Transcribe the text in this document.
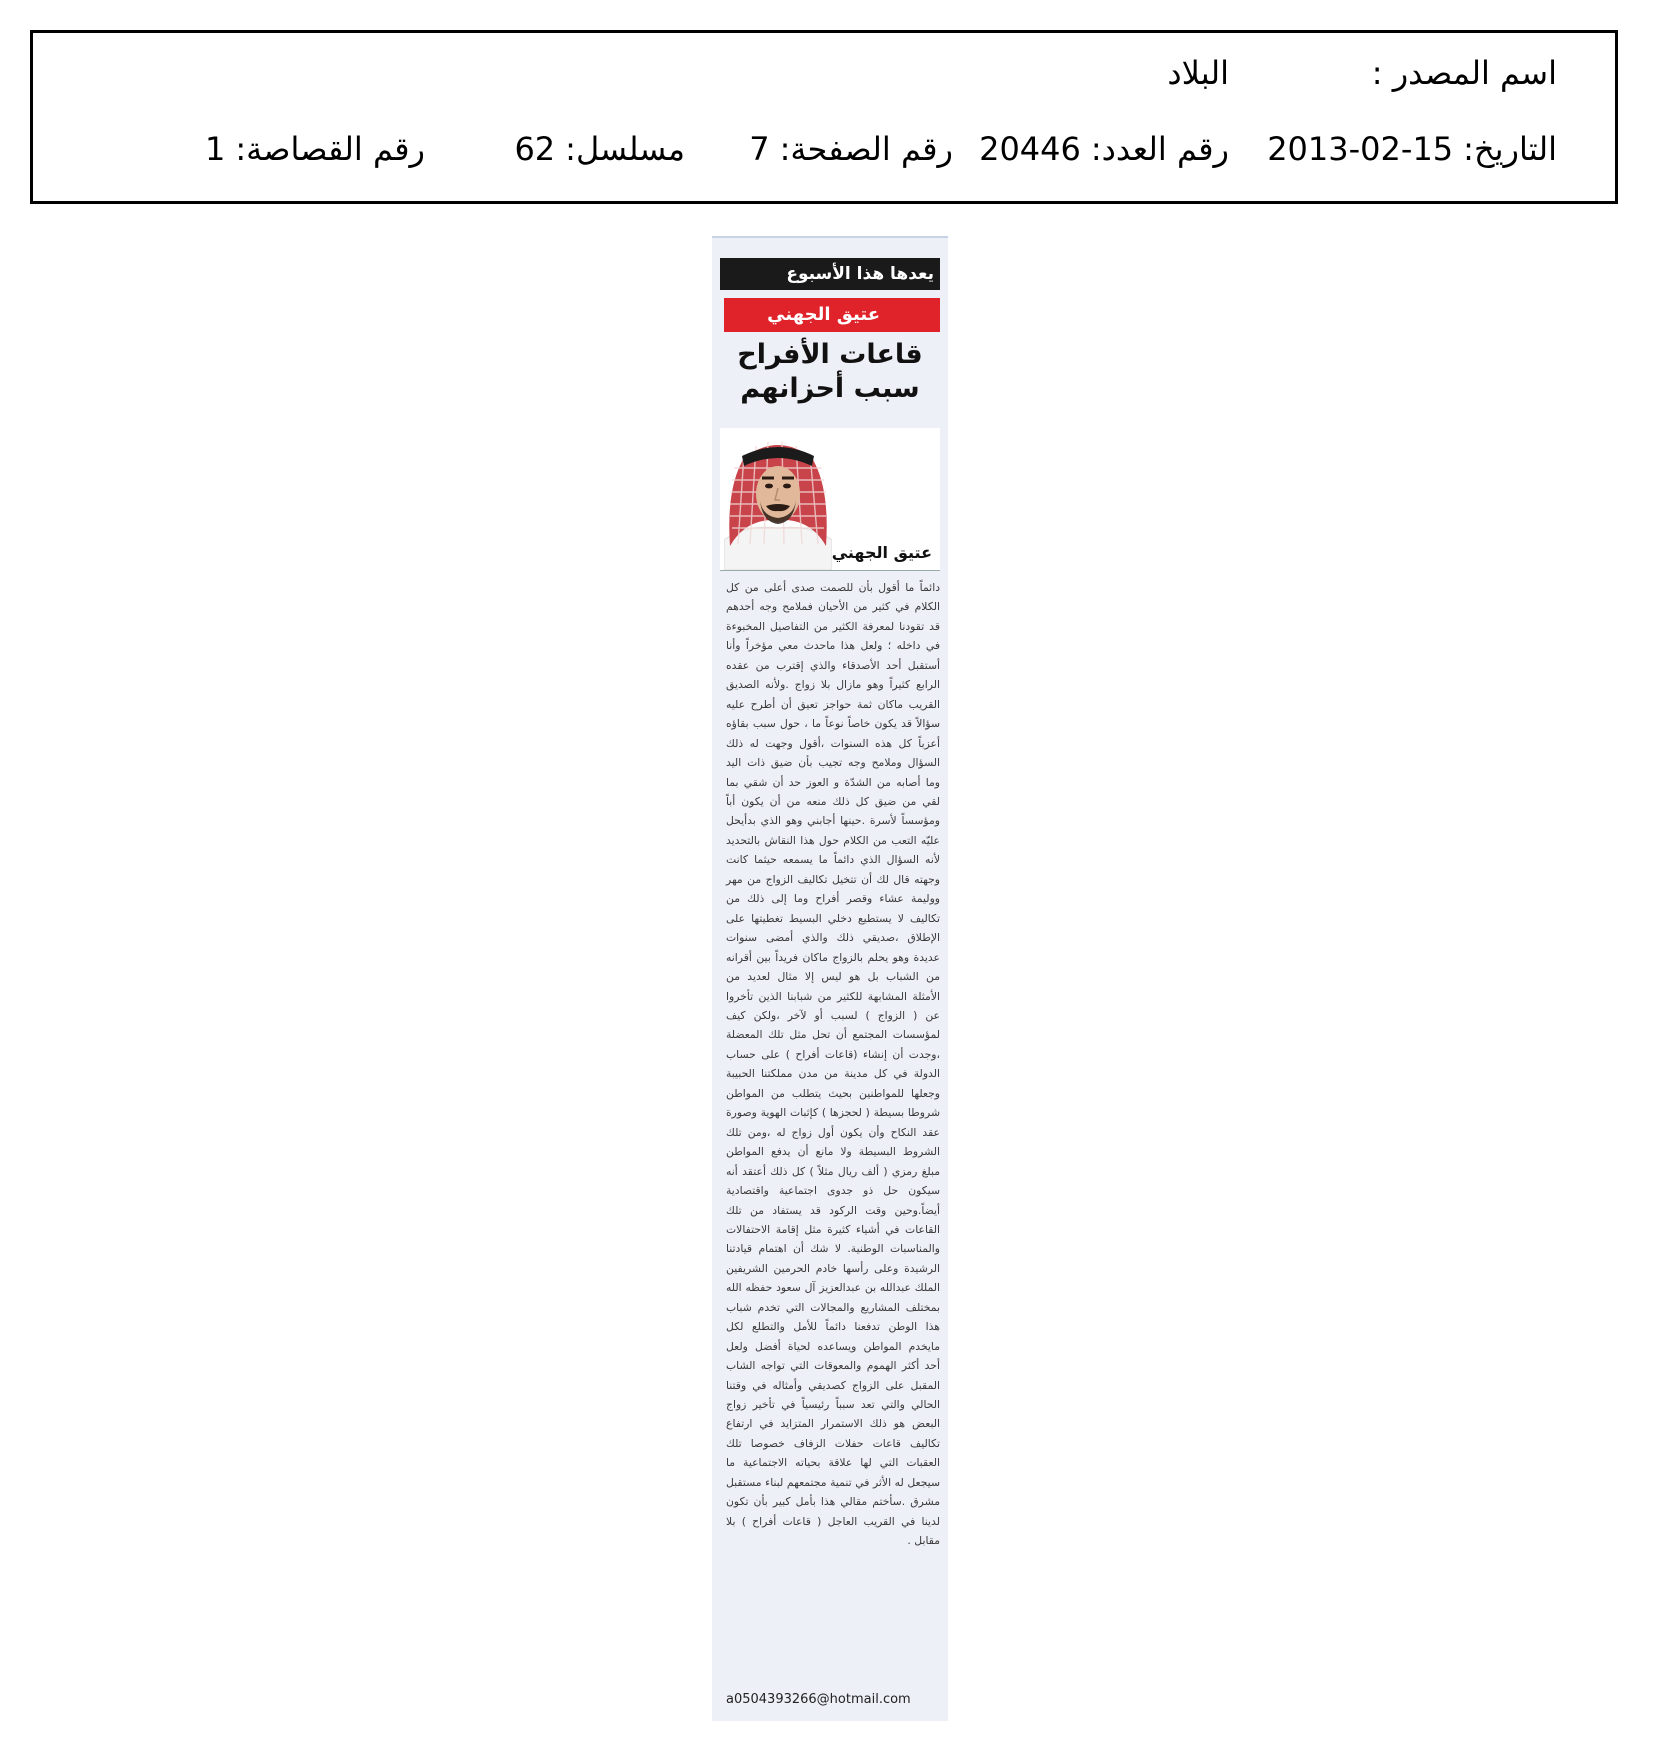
اسم المصدر :
البلاد
التاريخ:2013-02-15
رقم العدد:20446
رقم الصفحة:7
مسلسل:62
رقم القصاصة:1
يعدها هذا الأسبوع
عتيق الجهني
قاعات الأفراح
سبب أحزانهم
عتيق الجهني
دائماً ما أقول بأن للصمت صدى أعلى من كل الكلام في كثير من الأحيان فملامح وجه أحدهم قد تقودنا لمعرفة الكثير من التفاصيل المخبوءة في داخله ؛ ولعل هذا ماحدث معي مؤخراً وأنا أستقبل أحد الأصدقاء والذي إقترب من عقده الرابع كثيراً وهو مازال بلا زواج .ولأنه الصديق القريب ماكان ثمة حواجز تعيق أن أطرح عليه سؤالاً قد يكون خاصاً نوعاً ما ، حول سبب بقاؤه أعزباً كل هذه السنوات ،أقول وجهت له ذلك السؤال وملامح وجه تجيب بأن ضيق ذات اليد وما أصابه من الشدّة و العوز حد أن شقي بما لقي من ضيق كل ذلك منعه من أن يكون أباً ومؤسساً لأسرة .حينها أجابني وهو الذي بدأيحل عليّه التعب من الكلام حول هذا النقاش بالتحديد لأنه السؤال الذي دائماً ما يسمعه حيثما كانت وجهته قال لك أن تتخيل تكاليف الزواج من مهر ووليمة عشاء وقصر أفراح وما إلى ذلك من تكاليف لا يستطيع دخلي البسيط تغطيتها على الإطلاق ،صديقي ذلك والذي أمضى سنوات عديدة وهو يحلم بالزواج ماكان فريداً بين أقرانه من الشباب بل هو ليس إلا مثال لعديد من الأمثلة المشابهة للكثير من شبابنا الذين تأخروا عن ( الزواج ) لسبب أو لآخر ،ولكن كيف لمؤسسات المجتمع أن تحل مثل تلك المعضلة ،وجدت أن إنشاء (قاعات أفراح ) على حساب الدولة في كل مدينة من مدن مملكتنا الحبيبة وجعلها للمواطنين بحيث يتطلب من المواطن شروطا بسيطة ( لحجزها ) كإثبات الهوية وصورة عقد النكاح وأن يكون أول زواج له ،ومن تلك الشروط البسيطة ولا مانع أن يدفع المواطن مبلغ رمزي ( ألف ريال مثلاً ) كل ذلك أعتقد أنه سيكون حل ذو جدوى اجتماعية واقتصادية أيضاً.وحين وقت الركود قد يستفاد من تلك القاعات في أشياء كثيرة مثل إقامة الاحتفالات والمناسبات الوطنية. لا شك أن اهتمام قيادتنا الرشيدة وعلى رأسها خادم الحرمين الشريفين الملك عبدالله بن عبدالعزيز آل سعود حفظه الله بمختلف المشاريع والمجالات التي تخدم شباب هذا الوطن تدفعنا دائماً للأمل والتطلع لكل مايخدم المواطن ويساعده لحياة أفضل ولعل أحد أكثر الهموم والمعوقات التي تواجه الشاب المقبل على الزواج كصديقي وأمثاله في وقتنا الحالي والتي تعد سبباً رئيسياً في تأخير زواج البعض هو ذلك الاستمرار المتزايد في ارتفاع تكاليف قاعات حفلات الزفاف خصوصا تلك العقبات التي لها علاقة بحياته الاجتماعية ما سيجعل له الأثر في تنمية مجتمعهم لبناء مستقبل مشرق .سأختم مقالي هذا بأمل كبير بأن تكون لدينا في القريب العاجل ( قاعات أفراح ) بلا مقابل .
a0504393266@hotmail.com
